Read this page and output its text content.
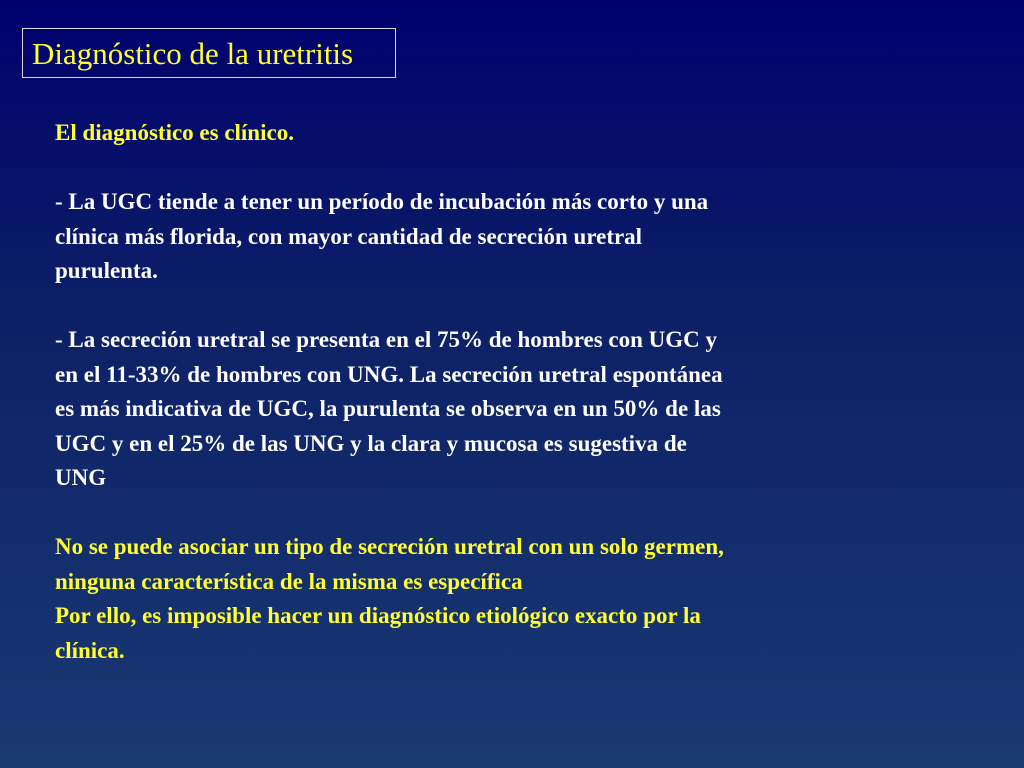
Diagnóstico de la uretritis

El diagnóstico es clínico.

- La UGC tiende a tener un período de incubación más corto y una

clínica más florida, con mayor cantidad de secreción uretral

purulenta.

- La secreción uretral se presenta en el 75% de hombres con UGC y

en el 11-33% de hombres con UNG. La secreción uretral espontánea

es más indicativa de UGC, la purulenta se observa en un 50% de las

UGC y en el 25% de las UNG y la clara y mucosa es sugestiva de

UNG

No se puede asociar un tipo de secreción uretral con un solo germen,

ninguna característica de la misma es específica

Por ello, es imposible hacer un diagnóstico etiológico exacto por la

clínica.
